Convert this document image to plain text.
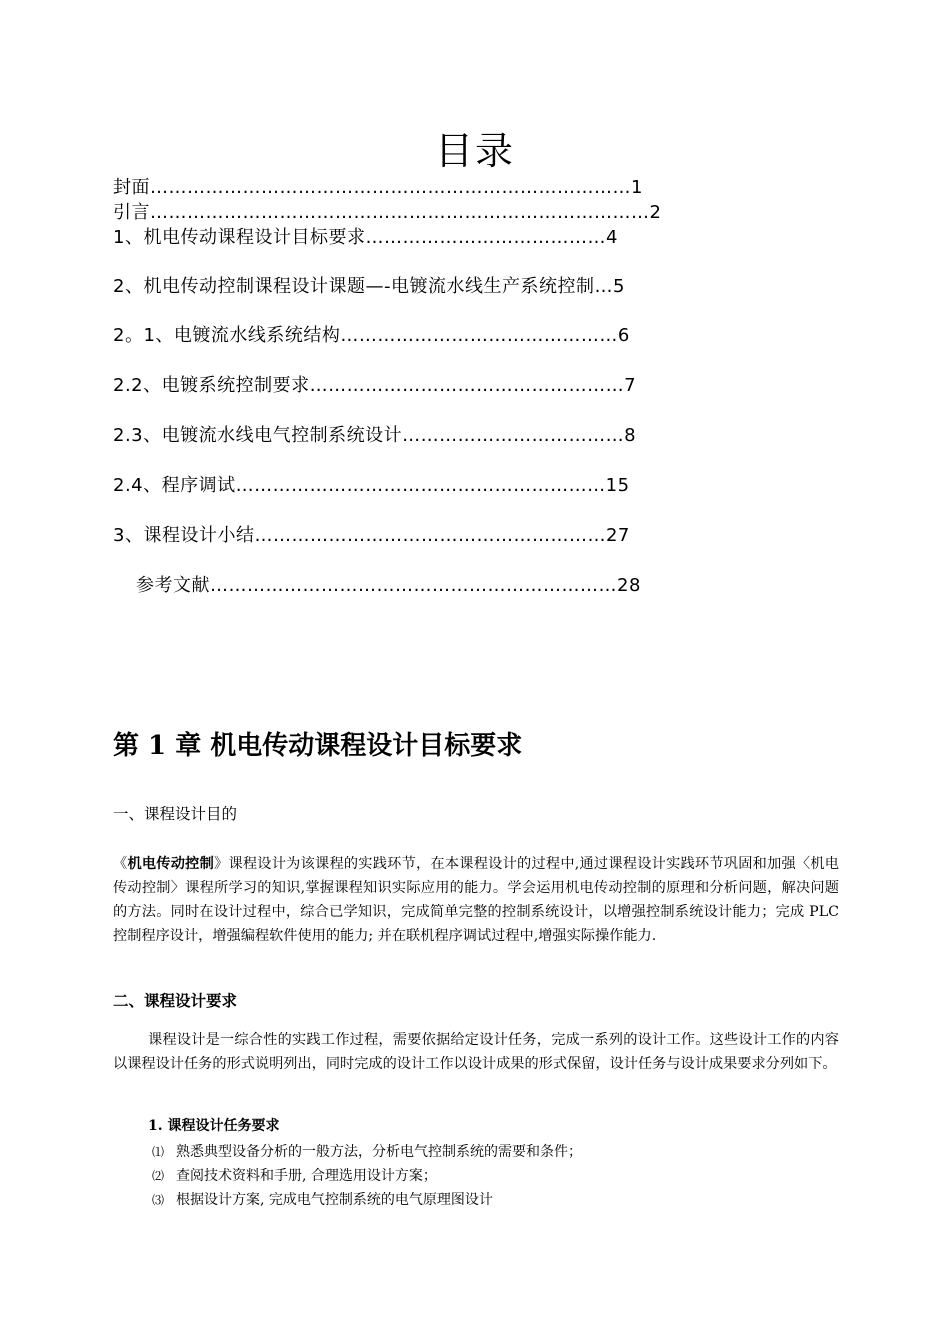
目录
封面……………………………………………………………………1
引言………………………………………………………………………2
1、机电传动课程设计目标要求…………………………………4
2、机电传动控制课程设计课题—-电镀流水线生产系统控制…5
2。1、电镀流水线系统结构………………………………………6
2.2、电镀系统控制要求……………………………………………7
2.3、电镀流水线电气控制系统设计………………………………8
2.4、程序调试……………………………………………………15
3、课程设计小结…………………………………………………27
参考文献…………………………………………………………28
第 1 章 机电传动课程设计目标要求
一、课程设计目的
《机电传动控制》课程设计为该课程的实践环节，在本课程设计的过程中,通过课程设计实践环节巩固和加强〈机电传动控制〉课程所学习的知识,掌握课程知识实际应用的能力。学会运用机电传动控制的原理和分析问题，解决问题的方法。同时在设计过程中，综合已学知识，完成简单完整的控制系统设计，以增强控制系统设计能力；完成 PLC 控制程序设计，增强编程软件使用的能力; 并在联机程序调试过程中,增强实际操作能力.
二、课程设计要求
课程设计是一综合性的实践工作过程，需要依据给定设计任务，完成一系列的设计工作。这些设计工作的内容以课程设计任务的形式说明列出，同时完成的设计工作以设计成果的形式保留，设计任务与设计成果要求分列如下。
1. 课程设计任务要求
⑴ 熟悉典型设备分析的一般方法，分析电气控制系统的需要和条件；
⑵ 查阅技术资料和手册, 合理选用设计方案；
⑶ 根据设计方案, 完成电气控制系统的电气原理图设计
